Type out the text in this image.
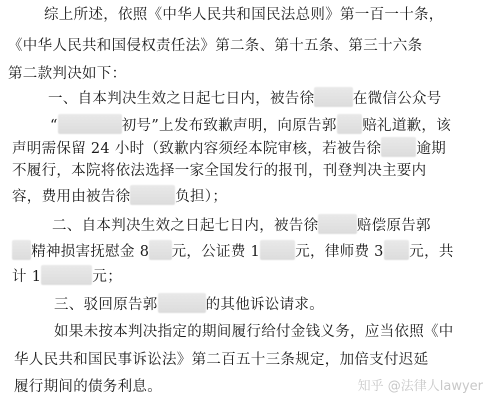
综上所述，依照《中华人民共和国民法总则》第一百一十条，
《中华人民共和国侵权责任法》第二条、第十五条、第三十六条
第二款判决如下：
一、自本判决生效之日起七日内，被告徐	在微信公众号
“	初号”上发布致歉声明，向原告郭 赔礼道歉，该
声明需保留 24 小时（致歉内容须经本院审核，若被告徐 逾期
不履行，本院将依法选择一家全国发行的报刊，刊登判决主要内
容，费用由被告徐	负担）；
二、自本判决生效之日起七日内，被告徐	赔偿原告郭
精神损害抚慰金 8 元，公证费 1 元，律师费 3 元，共
计 1	元；
三、驳回原告郭	的其他诉讼请求。
如果未按本判决指定的期间履行给付金钱义务，应当依照《中
华人民共和国民事诉讼法》第二百五十三条规定，加倍支付迟延
履行期间的债务利息。	知乎 @法律人lawyer
